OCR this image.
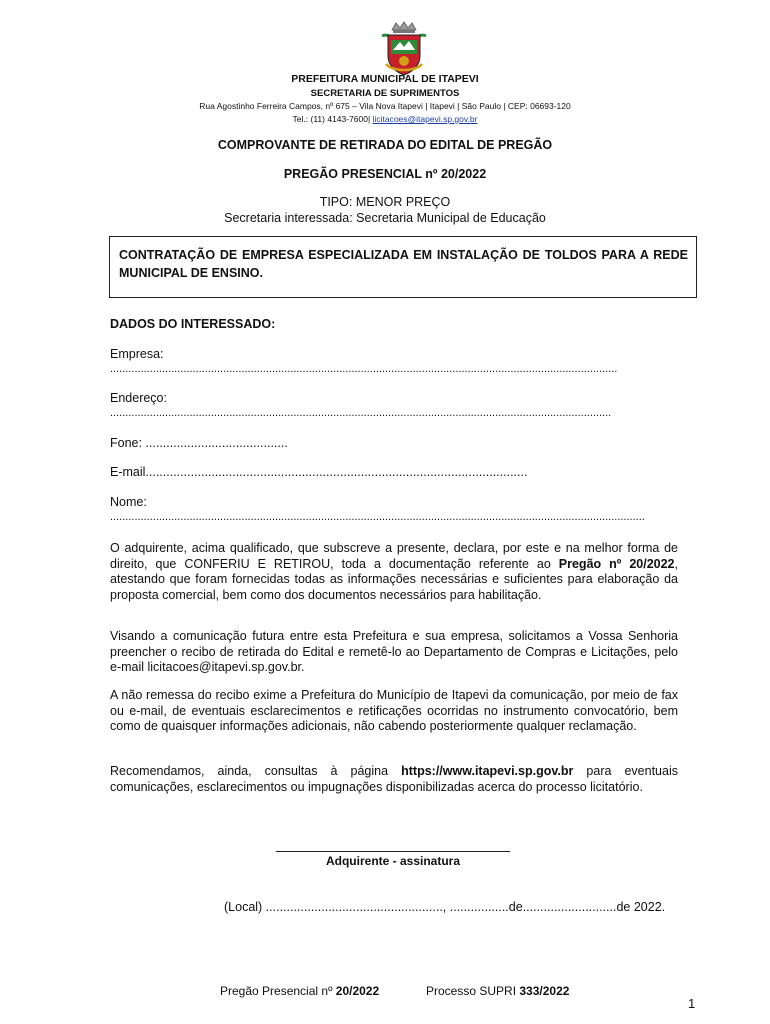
PREFEITURA MUNICIPAL DE ITAPEVI
SECRETARIA DE SUPRIMENTOS
Rua Agostinho Ferreira Campos, nº 675 – Vila Nova Itapevi | Itapevi | São Paulo | CEP: 06693-120
Tel.: (11) 4143-7600| licitacoes@itapevi.sp.gov.br
COMPROVANTE DE RETIRADA DO EDITAL DE PREGÃO
PREGÃO PRESENCIAL nº 20/2022
TIPO: MENOR PREÇO
Secretaria interessada: Secretaria Municipal de Educação
CONTRATAÇÃO DE EMPRESA ESPECIALIZADA EM INSTALAÇÃO DE TOLDOS PARA A REDE MUNICIPAL DE ENSINO.
DADOS DO INTERESSADO:
Empresa:
......................................................................................................................................................................
Endereço:
....................................................................................................................................................................
Fone: .........................................
E-mail..............................................................................................................
Nome:
...............................................................................................................................................................................
O adquirente, acima qualificado, que subscreve a presente, declara, por este e na melhor forma de direito, que CONFERIU E RETIROU, toda a documentação referente ao Pregão nº 20/2022, atestando que foram fornecidas todas as informações necessárias e suficientes para elaboração da proposta comercial, bem como dos documentos necessários para habilitação.
Visando a comunicação futura entre esta Prefeitura e sua empresa, solicitamos a Vossa Senhoria preencher o recibo de retirada do Edital e remetê-lo ao Departamento de Compras e Licitações, pelo e-mail licitacoes@itapevi.sp.gov.br.
A não remessa do recibo exime a Prefeitura do Município de Itapevi da comunicação, por meio de fax ou e-mail, de eventuais esclarecimentos e retificações ocorridas no instrumento convocatório, bem como de quaisquer informações adicionais, não cabendo posteriormente qualquer reclamação.
Recomendamos, ainda, consultas à página https://www.itapevi.sp.gov.br para eventuais comunicações, esclarecimentos ou impugnações disponibilizadas acerca do processo licitatório.
Adquirente - assinatura
(Local) ..................................................., .................de...........................de 2022.
Pregão Presencial nº 20/2022	Processo SUPRI 333/2022
1
